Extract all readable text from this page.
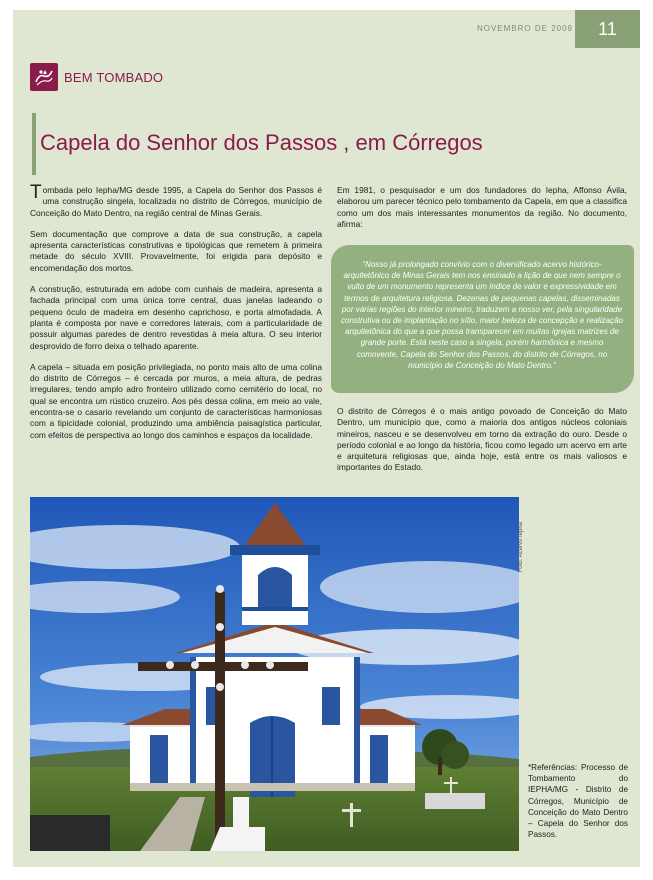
NOVEMBRO DE 2009	11
BEM TOMBADO
Capela do Senhor dos Passos , em Córregos

Tombada pelo Iepha/MG desde 1995, a Capela do Senhor dos Passos é uma construção singela, localizada no distrito de Córregos, município de Conceição do Mato Dentro, na região central de Minas Gerais.

Sem documentação que comprove a data de sua construção, a capela apresenta características construtivas e tipológicas que remetem à primeira metade do século XVIII. Provavelmente, foi erigida para depósito e encomendação dos mortos.

A construção, estruturada em adobe com cunhais de madeira, apresenta a fachada principal com uma única torre central, duas janelas ladeando o pequeno óculo de madeira em desenho caprichoso, e porta almofadada. A planta é composta por nave e corredores laterais, com a particularidade de possuir algumas paredes de dentro revestidas à meia altura. O seu interior desprovido de forro deixa o telhado aparente.

A capela – situada em posição privilegiada, no ponto mais alto de uma colina do distrito de Córregos – é cercada por muros, a meia altura, de pedras irregulares, tendo amplo adro fronteiro utilizado como cemitério do local, no qual se encontra um rústico cruzeiro. Aos pés dessa colina, em meio ao vale, encontra-se o casario revelando um conjunto de características harmoniosas com a tipicidade colonial, produzindo uma ambiência paisagística particular, com efeitos de perspectiva ao longo dos caminhos e espaços da localidade.

Em 1981, o pesquisador e um dos fundadores do Iepha, Affonso Ávila, elaborou um parecer técnico pelo tombamento da Capela, em que a classifica como um dos mais interessantes monumentos da região. No documento, afirma:

“Nosso já prolongado convívio com o diversificado acervo histórico-arquitetônico de Minas Gerais tem nos ensinado a lição de que nem sempre o vulto de um monumento representa um índice de valor e expressividade em termos de arquitetura religiosa. Dezenas de pequenas capelas, disseminadas por várias regiões do interior mineiro, traduzem a nosso ver, pela singularidade construtiva ou de implantação no sítio, maior beleza de concepção e realização arquitetônica do que a que possa transparecer em muitas igrejas matrizes de grande porte. Está neste caso a singela, porém harmônica e mesmo comovente, Capela do Senhor dos Passos, do distrito de Córregos, no município de Conceição do Mato Dentro.”

O distrito de Córregos é o mais antigo povoado de Conceição do Mato Dentro, um município que, como a maioria dos antigos núcleos coloniais mineiros, nasceu e se desenvolveu em torno da extração do ouro. Desde o período colonial e ao longo da história, ficou como legado um acervo em arte e arquitetura religiosas que, ainda hoje, está entre os mais valiosos e importantes do Estado.

Foto: Acervo Iepha
*Referências: Processo de Tombamento do IEPHA/MG - Distrito de Córregos, Município de Conceição do Mato Dentro – Capela do Senhor dos Passos.
